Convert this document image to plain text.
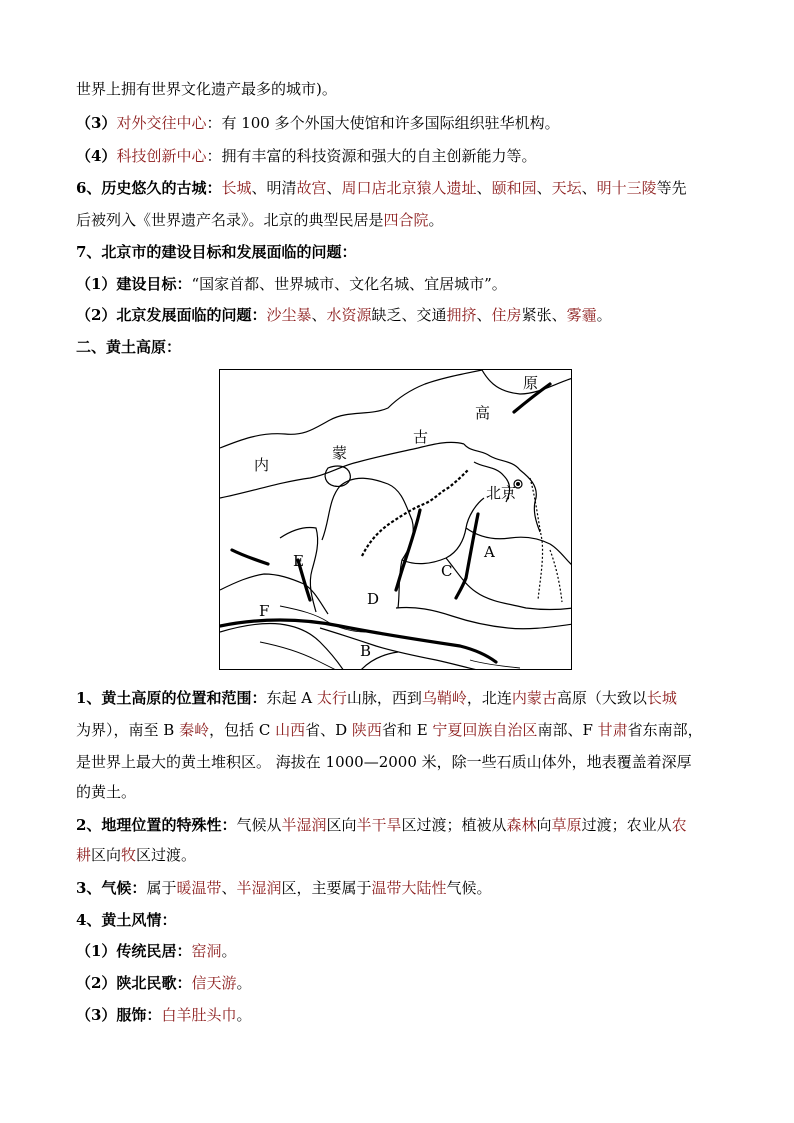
世界上拥有世界文化遗产最多的城市)。
（3）对外交往中心：有 100 多个外国大使馆和许多国际组织驻华机构。
（4）科技创新中心：拥有丰富的科技资源和强大的自主创新能力等。
6、历史悠久的古城：长城、明清故宫、周口店北京猿人遗址、颐和园、天坛、明十三陵等先
后被列入《世界遗产名录》。北京的典型民居是四合院。
7、北京市的建设目标和发展面临的问题：
（1）建设目标：“国家首都、世界城市、文化名城、宜居城市”。
（2）北京发展面临的问题：沙尘暴、水资源缺乏、交通拥挤、住房紧张、雾霾。
二、黄土高原：
原
高
古
蒙
内
北京
A
B
C
D
E
F
1、黄土高原的位置和范围：东起 A 太行山脉，西到乌鞘岭，北连内蒙古高原（大致以长城
为界），南至 B 秦岭，包括 C 山西省、D 陕西省和 E 宁夏回族自治区南部、F 甘肃省东南部，
是世界上最大的黄土堆积区。 海拔在 1000—2000 米，除一些石质山体外，地表覆盖着深厚
的黄土。
2、地理位置的特殊性：气候从半湿润区向半干旱区过渡；植被从森林向草原过渡；农业从农
耕区向牧区过渡。
3、气候：属于暖温带、半湿润区，主要属于温带大陆性气候。
4、黄土风情：
（1）传统民居：窑洞。
（2）陕北民歌：信天游。
（3）服饰：白羊肚头巾。
